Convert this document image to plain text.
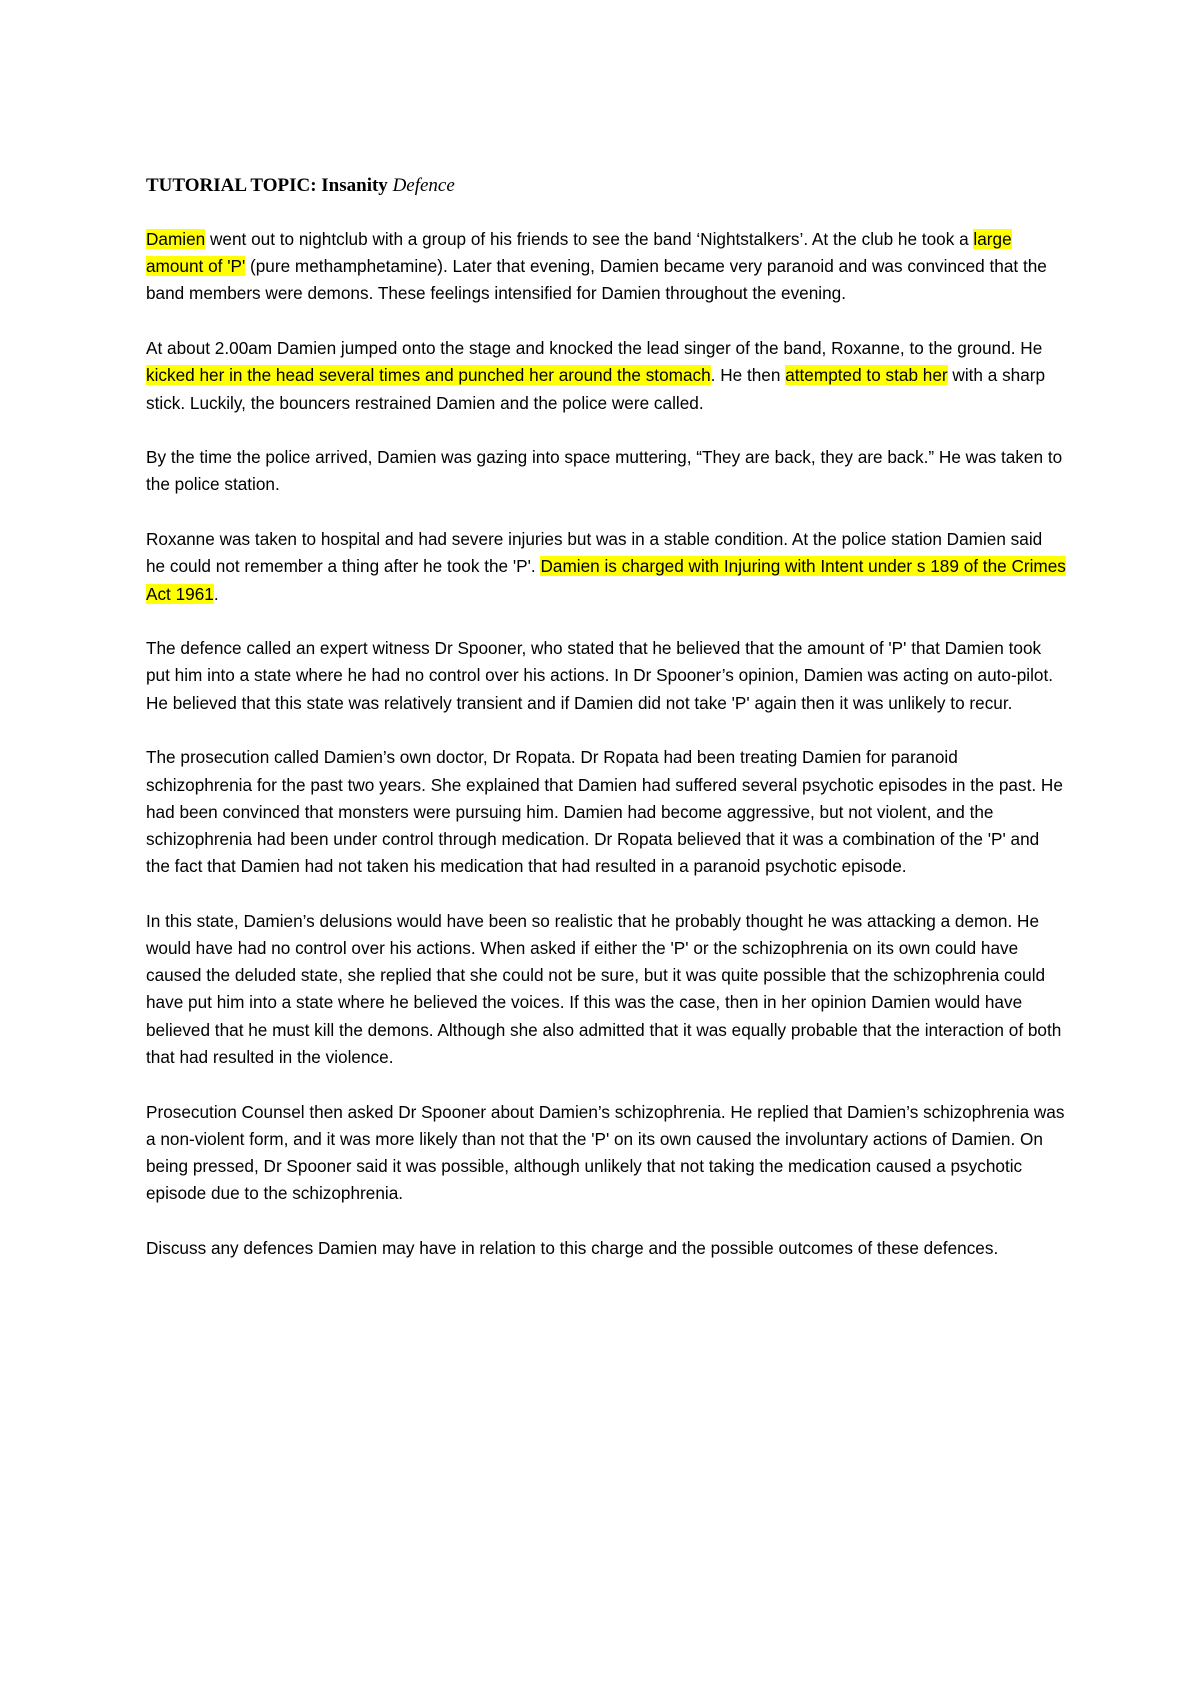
TUTORIAL TOPIC: Insanity Defence

Damien went out to nightclub with a group of his friends to see the band ‘Nightstalkers’. At the club he took a large amount of 'P' (pure methamphetamine). Later that evening, Damien became very paranoid and was convinced that the band members were demons. These feelings intensified for Damien throughout the evening.

At about 2.00am Damien jumped onto the stage and knocked the lead singer of the band, Roxanne, to the ground. He kicked her in the head several times and punched her around the stomach. He then attempted to stab her with a sharp stick. Luckily, the bouncers restrained Damien and the police were called.

By the time the police arrived, Damien was gazing into space muttering, “They are back, they are back.” He was taken to the police station.

Roxanne was taken to hospital and had severe injuries but was in a stable condition. At the police station Damien said he could not remember a thing after he took the 'P'. Damien is charged with Injuring with Intent under s 189 of the Crimes Act 1961.

The defence called an expert witness Dr Spooner, who stated that he believed that the amount of 'P' that Damien took put him into a state where he had no control over his actions. In Dr Spooner’s opinion, Damien was acting on auto-pilot. He believed that this state was relatively transient and if Damien did not take 'P' again then it was unlikely to recur.

The prosecution called Damien’s own doctor, Dr Ropata. Dr Ropata had been treating Damien for paranoid schizophrenia for the past two years. She explained that Damien had suffered several psychotic episodes in the past. He had been convinced that monsters were pursuing him. Damien had become aggressive, but not violent, and the schizophrenia had been under control through medication. Dr Ropata believed that it was a combination of the 'P' and the fact that Damien had not taken his medication that had resulted in a paranoid psychotic episode.

In this state, Damien’s delusions would have been so realistic that he probably thought he was attacking a demon. He would have had no control over his actions. When asked if either the 'P' or the schizophrenia on its own could have caused the deluded state, she replied that she could not be sure, but it was quite possible that the schizophrenia could have put him into a state where he believed the voices. If this was the case, then in her opinion Damien would have believed that he must kill the demons. Although she also admitted that it was equally probable that the interaction of both that had resulted in the violence.

Prosecution Counsel then asked Dr Spooner about Damien’s schizophrenia. He replied that Damien’s schizophrenia was a non-violent form, and it was more likely than not that the 'P' on its own caused the involuntary actions of Damien. On being pressed, Dr Spooner said it was possible, although unlikely that not taking the medication caused a psychotic episode due to the schizophrenia.

Discuss any defences Damien may have in relation to this charge and the possible outcomes of these defences.
